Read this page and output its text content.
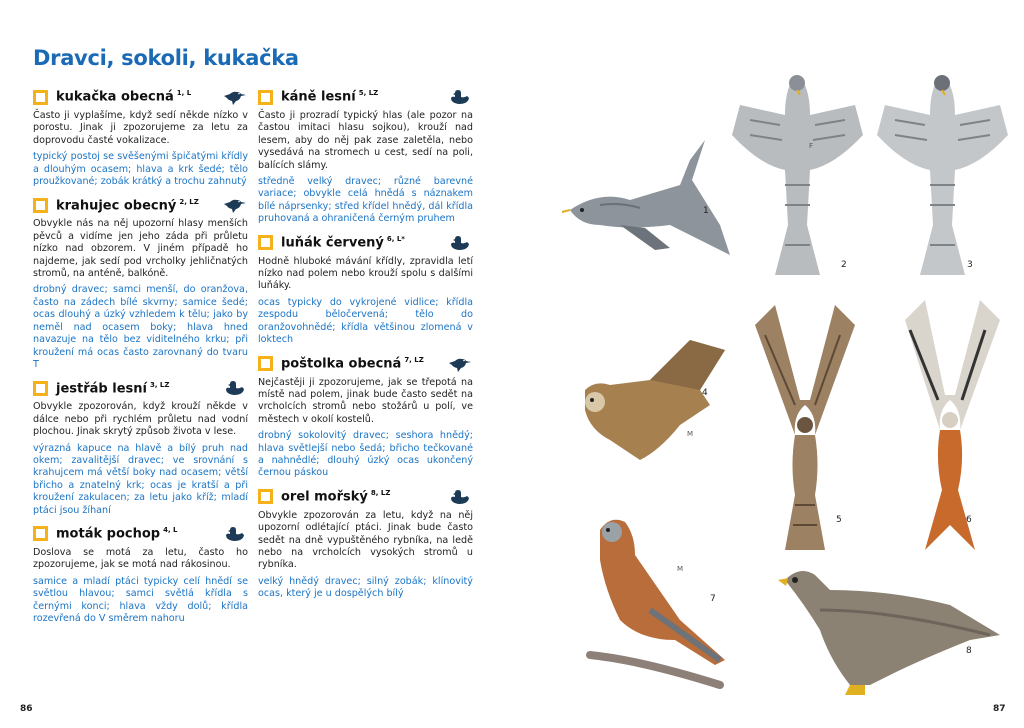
Dravci, sokoli, kukačka
kukačka obecná $^{1, L}$
Často ji vyplašíme, když sedí někde nízko v porostu. Jinak ji zpozorujeme za letu za doprovodu časté vokalizace.
typický postoj se svěšenými špičatými křídly a dlouhým ocasem; hlava a krk šedé; tělo proužkované; zobák krátký a trochu zahnutý
krahujec obecný $^{2, LZ}$
Obvykle nás na něj upozorní hlasy menších pěvců a vidíme jen jeho záda při průletu nízko nad obzorem. V jiném případě ho najdeme, jak sedí pod vrcholky jehličnatých stromů, na anténě, balkóně.
drobný dravec; samci menší, do oranžova, často na zádech bílé skvrny; samice šedé; ocas dlouhý a úzký vzhledem k tělu; jako by neměl nad ocasem boky; hlava hned navazuje na tělo bez viditelného krku; při kroužení má ocas často zarovnaný do tvaru T
jestřáb lesní $^{3, LZ}$
Obvykle zpozorován, když krouží někde v dálce nebo při rychlém průletu nad vodní plochou. Jinak skrytý způsob života v lese.
výrazná kapuce na hlavě a bílý pruh nad okem; zavalitější dravec; ve srovnání s krahujcem má větší boky nad ocasem; větší břicho a znatelný krk; ocas je kratší a při kroužení zakulacen; za letu jako kříž; mladí ptáci jsou žíhaní
moták pochop $^{4, L}$
Doslova se motá za letu, často ho zpozorujeme, jak se motá nad rákosinou.
samice a mladí ptáci typicky celí hnědí se světlou hlavou; samci světlá křídla s černými konci; hlava vždy dolů; křídla rozevřená do V směrem nahoru
káně lesní $^{5, LZ}$
Často ji prozradí typický hlas (ale pozor na častou imitaci hlasu sojkou), krouží nad lesem, aby do něj pak zase zaletěla, nebo vysedává na stromech u cest, sedí na poli, balících slámy.
středně velký dravec; různé barevné variace; obvykle celá hnědá s náznakem bílé náprsenky; střed křídel hnědý, dál křídla pruhovaná a ohraničená černým pruhem
luňák červený $^{6, L*}$
Hodně hluboké mávání křídly, zpravidla letí nízko nad polem nebo krouží spolu s dalšími luňáky.
ocas typicky do vykrojené vidlice; křídla zespodu běločervená; tělo do oranžovohnědé; křídla většinou zlomená v loktech
poštolka obecná $^{7, LZ}$
Nejčastěji ji zpozorujeme, jak se třepotá na místě nad polem, jinak bude často sedět na vrcholcích stromů nebo stožárů u polí, ve městech v okolí kostelů.
drobný sokolovitý dravec; seshora hnědý; hlava světlejší nebo šedá; břicho tečkované a nahnědlé; dlouhý úzký ocas ukončený černou páskou
orel mořský $^{8, LZ}$
Obvykle zpozorován za letu, když na něj upozorní odlétající ptáci. Jinak bude často sedět na dně vypuštěného rybníka, na ledě nebo na vrcholcích vysokých stromů u rybníka.
velký hnědý dravec; silný zobák; klínovitý ocas, který je u dospělých bílý
1
F
2	3
M
4
5	6
M
7
8
86	87
